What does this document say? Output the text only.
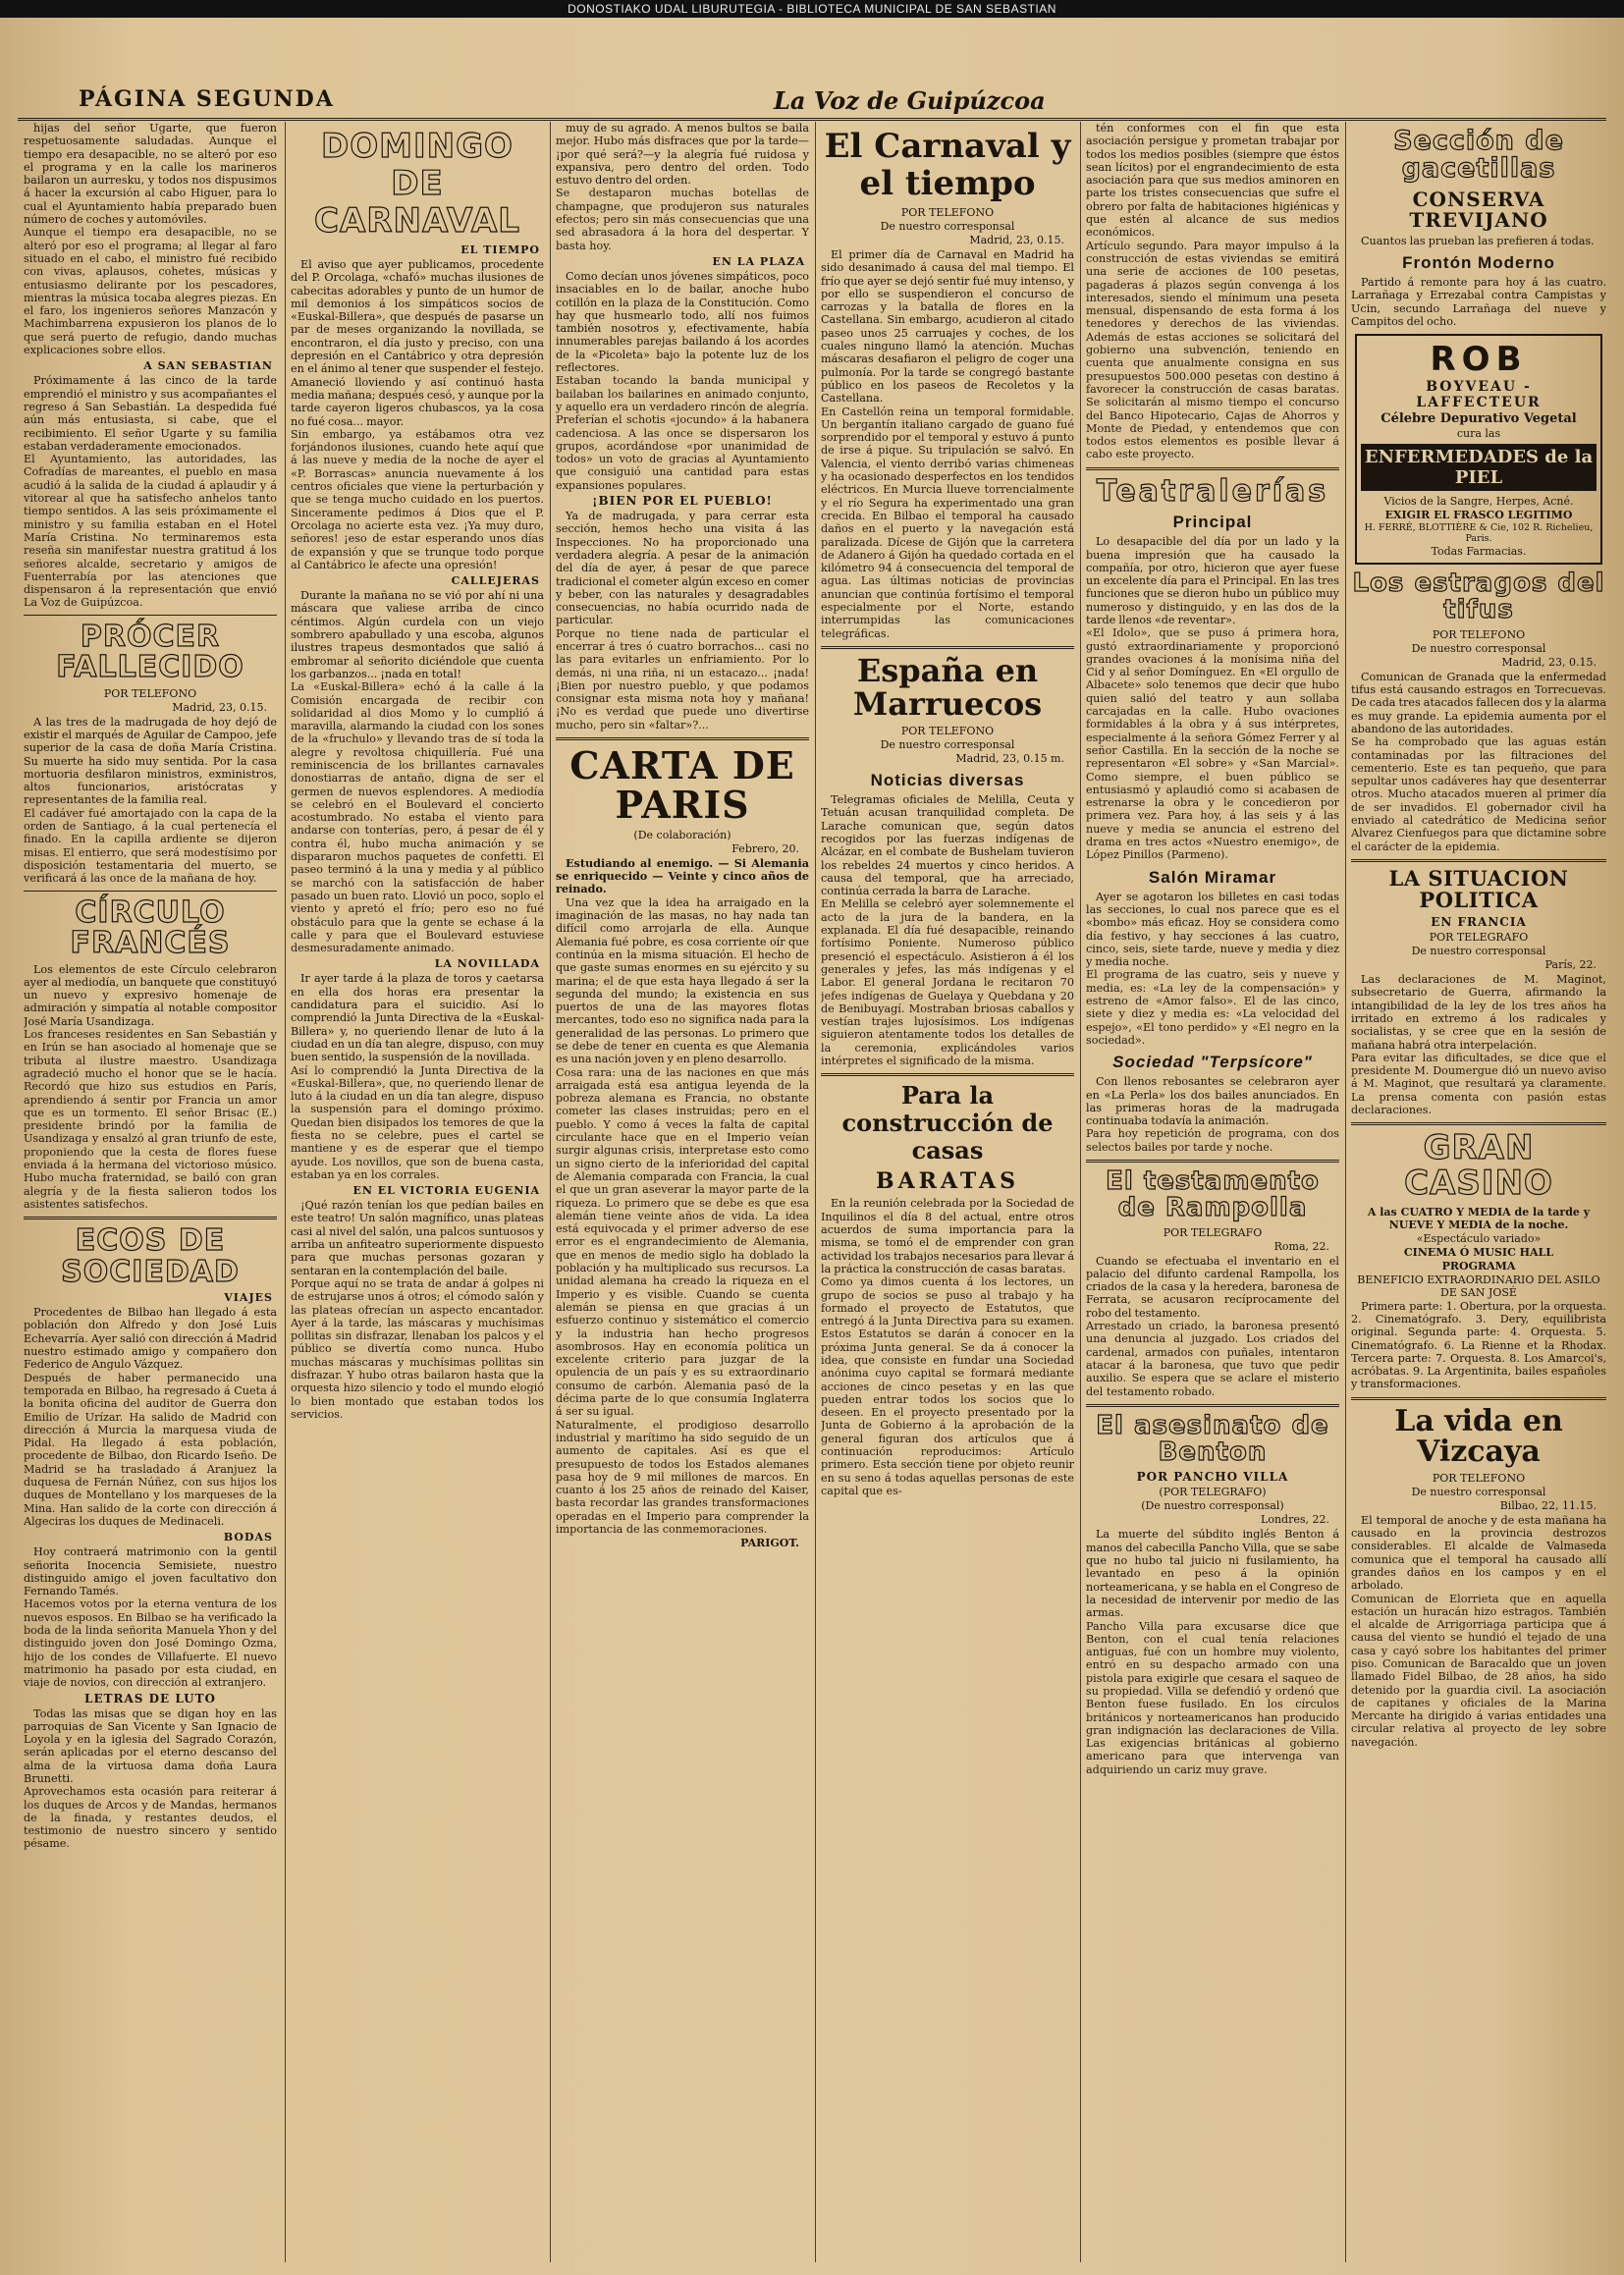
DONOSTIAKO UDAL LIBURUTEGIA - BIBLIOTECA MUNICIPAL DE SAN SEBASTIAN
PÁGINA SEGUNDA	La Voz de Guipúzcoa

hijas del señor Ugarte, que fueron respetuosamente saludadas. Aunque el tiempo era desapacible, no se alteró por eso el programa y en la calle los marineros bailaron un aurresku, y todos nos dispusimos á hacer la excursión al cabo Higuer, para lo cual el Ayuntamiento había preparado buen número de coches y automóviles.

Aunque el tiempo era desapacible, no se alteró por eso el programa; al llegar al faro situado en el cabo, el ministro fué recibido con vivas, aplausos, cohetes, músicas y entusiasmo delirante por los pescadores, mientras la música tocaba alegres piezas. En el faro, los ingenieros señores Manzacón y Machimbarrena expusieron los planos de lo que será puerto de refugio, dando muchas explicaciones sobre ellos.

A SAN SEBASTIAN

Próximamente á las cinco de la tarde emprendió el ministro y sus acompañantes el regreso á San Sebastián. La despedida fué aún más entusiasta, si cabe, que el recibimiento. El señor Ugarte y su familia estaban verdaderamente emocionados.

El Ayuntamiento, las autoridades, las Cofradías de mareantes, el pueblo en masa acudió á la salida de la ciudad á aplaudir y á vitorear al que ha satisfecho anhelos tanto tiempo sentidos. A las seis próximamente el ministro y su familia estaban en el Hotel María Cristina. No terminaremos esta reseña sin manifestar nuestra gratitud á los señores alcalde, secretario y amigos de Fuenterrabía por las atenciones que dispensaron á la representación que envió La Voz de Guipúzcoa.

PRÓCER FALLECIDO
POR TELEFONO
Madrid, 23, 0.15.

A las tres de la madrugada de hoy dejó de existir el marqués de Aguilar de Campoo, jefe superior de la casa de doña María Cristina. Su muerte ha sido muy sentida. Por la casa mortuoria desfilaron ministros, exministros, altos funcionarios, aristócratas y representantes de la familia real.

El cadáver fué amortajado con la capa de la orden de Santiago, á la cual pertenecía el finado. En la capilla ardiente se dijeron misas. El entierro, que será modestísimo por disposición testamentaria del muerto, se verificará á las once de la mañana de hoy.

CÍRCULO FRANCÉS

Los elementos de este Círculo celebraron ayer al mediodía, un banquete que constituyó un nuevo y expresivo homenaje de admiración y simpatía al notable compositor José María Usandizaga.

Los franceses residentes en San Sebastián y en Irún se han asociado al homenaje que se tributa al ilustre maestro. Usandizaga agradeció mucho el honor que se le hacía. Recordó que hizo sus estudios en París, aprendiendo á sentir por Francia un amor que es un tormento. El señor Brisac (E.) presidente brindó por la familia de Usandizaga y ensalzó al gran triunfo de este, proponiendo que la cesta de flores fuese enviada á la hermana del victorioso músico. Hubo mucha fraternidad, se bailó con gran alegría y de la fiesta salieron todos los asistentes satisfechos.

ECOS DE SOCIEDAD
VIAJES

Procedentes de Bilbao han llegado á esta población don Alfredo y don José Luis Echevarría. Ayer salió con dirección á Madrid nuestro estimado amigo y compañero don Federico de Angulo Vázquez.

Después de haber permanecido una temporada en Bilbao, ha regresado á Cueta á la bonita oficina del auditor de Guerra don Emilio de Urízar. Ha salido de Madrid con dirección á Murcia la marquesa viuda de Pidal. Ha llegado á esta población, procedente de Bilbao, don Ricardo Iseño. De Madrid se ha trasladado á Aranjuez la duquesa de Fernán Núñez, con sus hijos los duques de Montellano y los marqueses de la Mina. Han salido de la corte con dirección á Algeciras los duques de Medinaceli.

BODAS

Hoy contraerá matrimonio con la gentil señorita Inocencia Semisiete, nuestro distinguido amigo el joven facultativo don Fernando Tamés.

Hacemos votos por la eterna ventura de los nuevos esposos. En Bilbao se ha verificado la boda de la linda señorita Manuela Yhon y del distinguido joven don José Domingo Ozma, hijo de los condes de Villafuerte. El nuevo matrimonio ha pasado por esta ciudad, en viaje de novios, con dirección al extranjero.

LETRAS DE LUTO

Todas las misas que se digan hoy en las parroquias de San Vicente y San Ignacio de Loyola y en la iglesia del Sagrado Corazón, serán aplicadas por el eterno descanso del alma de la virtuosa dama doña Laura Brunetti.

Aprovechamos esta ocasión para reiterar á los duques de Arcos y de Mandas, hermanos de la finada, y restantes deudos, el testimonio de nuestro sincero y sentido pésame.

DOMINGO DE CARNAVAL
EL TIEMPO

El aviso que ayer publicamos, procedente del P. Orcolaga, «chafó» muchas ilusiones de cabecitas adorables y punto de un humor de mil demonios á los simpáticos socios de «Euskal-Billera», que después de pasarse un par de meses organizando la novillada, se encontraron, el día justo y preciso, con una depresión en el Cantábrico y otra depresión en el ánimo al tener que suspender el festejo. Amaneció lloviendo y así continuó hasta media mañana; después cesó, y aunque por la tarde cayeron ligeros chubascos, ya la cosa no fué cosa... mayor.

Sin embargo, ya estábamos otra vez forjándonos ilusiones, cuando hete aquí que á las nueve y media de la noche de ayer el «P. Borrascas» anuncia nuevamente á los centros oficiales que viene la perturbación y que se tenga mucho cuidado en los puertos. Sinceramente pedimos á Dios que el P. Orcolaga no acierte esta vez. ¡Ya muy duro, señores! ¡eso de estar esperando unos días de expansión y que se trunque todo porque al Cantábrico le afecte una opresión!

CALLEJERAS

Durante la mañana no se vió por ahí ni una máscara que valiese arriba de cinco céntimos. Algún curdela con un viejo sombrero apabullado y una escoba, algunos ilustres trapeus desmontados que salió á embromar al señorito diciéndole que cuenta los garbanzos... ¡nada en total!

La «Euskal-Billera» echó á la calle á la Comisión encargada de recibir con solidaridad al dios Momo y lo cumplió á maravilla, alarmando la ciudad con los sones de la «fruchulo» y llevando tras de sí toda la alegre y revoltosa chiquillería. Fué una reminiscencia de los brillantes carnavales donostiarras de antaño, digna de ser el germen de nuevos esplendores. A mediodía se celebró en el Boulevard el concierto acostumbrado. No estaba el viento para andarse con tonterías, pero, á pesar de él y contra él, hubo mucha animación y se dispararon muchos paquetes de confetti. El paseo terminó á la una y media y al público se marchó con la satisfacción de haber pasado un buen rato. Llovió un poco, soplo el viento y apretó el frío; pero eso no fué obstáculo para que la gente se echase á la calle y para que el Boulevard estuviese desmesuradamente animado.

LA NOVILLADA

Ir ayer tarde á la plaza de toros y caetarsa en ella dos horas era presentar la candidatura para el suicidio. Así lo comprendió la Junta Directiva de la «Euskal-Billera» y, no queriendo llenar de luto á la ciudad en un día tan alegre, dispuso, con muy buen sentido, la suspensión de la novillada.

Así lo comprendió la Junta Directiva de la «Euskal-Billera», que, no queriendo llenar de luto á la ciudad en un día tan alegre, dispuso la suspensión para el domingo próximo. Quedan bien disipados los temores de que la fiesta no se celebre, pues el cartel se mantiene y es de esperar que el tiempo ayude. Los novillos, que son de buena casta, estaban ya en los corrales.

EN EL VICTORIA EUGENIA

¡Qué razón tenían los que pedían bailes en este teatro! Un salón magnífico, unas plateas casi al nivel del salón, una palcos suntuosos y arriba un anfiteatro superiormente dispuesto para que muchas personas gozaran y sentaran en la contemplación del baile.

Porque aquí no se trata de andar á golpes ni de estrujarse unos á otros; el cómodo salón y las plateas ofrecían un aspecto encantador. Ayer á la tarde, las máscaras y muchísimas pollitas sin disfrazar, llenaban los palcos y el público se divertía como nunca. Hubo muchas máscaras y muchísimas pollitas sin disfrazar. Y hubo otras bailaron hasta que la orquesta hizo silencio y todo el mundo elogió lo bien montado que estaban todos los servicios.

muy de su agrado. A menos bultos se baila mejor. Hubo más disfraces que por la tarde—¡por qué será?—y la alegría fué ruidosa y expansiva, pero dentro del orden. Todo estuvo dentro del orden.

Se destaparon muchas botellas de champagne, que produjeron sus naturales efectos; pero sin más consecuencias que una sed abrasadora á la hora del despertar. Y basta hoy.

EN LA PLAZA

Como decían unos jóvenes simpáticos, poco insaciables en lo de bailar, anoche hubo cotillón en la plaza de la Constitución. Como hay que husmearlo todo, allí nos fuimos también nosotros y, efectivamente, había innumerables parejas bailando á los acordes de la «Picoleta» bajo la potente luz de los reflectores.

Estaban tocando la banda municipal y bailaban los bailarines en animado conjunto, y aquello era un verdadero rincón de alegría. Preferían el schotis «jocundo» á la habanera cadenciosa. A las once se dispersaron los grupos, acordándose «por unanimidad de todos» un voto de gracias al Ayuntamiento que consiguió una cantidad para estas expansiones populares.

¡BIEN POR EL PUEBLO!

Ya de madrugada, y para cerrar esta sección, hemos hecho una visita á las Inspecciones. No ha proporcionado una verdadera alegría. A pesar de la animación del día de ayer, á pesar de que parece tradicional el cometer algún exceso en comer y beber, con las naturales y desagradables consecuencias, no había ocurrido nada de particular.

Porque no tiene nada de particular el encerrar á tres ó cuatro borrachos... casi no las para evitarles un enfriamiento. Por lo demás, ni una riña, ni un estacazo... ¡nada! ¡Bien por nuestro pueblo, y que podamos consignar esta misma nota hoy y mañana! ¡No es verdad que puede uno divertirse mucho, pero sin «faltar»?...

CARTA DE PARIS
(De colaboración)
Febrero, 20.

Estudiando al enemigo. — Si Alemania se enriquecido — Veinte y cinco años de reinado.

Una vez que la idea ha arraigado en la imaginación de las masas, no hay nada tan difícil como arrojarla de ella. Aunque Alemania fué pobre, es cosa corriente oír que continúa en la misma situación. El hecho de que gaste sumas enormes en su ejército y su marina; el de que esta haya llegado á ser la segunda del mundo; la existencia en sus puertos de una de las mayores flotas mercantes, todo eso no significa nada para la generalidad de las personas. Lo primero que se debe de tener en cuenta es que Alemania es una nación joven y en pleno desarrollo.

Cosa rara: una de las naciones en que más arraigada está esa antigua leyenda de la pobreza alemana es Francia, no obstante cometer las clases instruidas; pero en el pueblo. Y como á veces la falta de capital circulante hace que en el Imperio veían surgir algunas crisis, interpretase esto como un signo cierto de la inferioridad del capital de Alemania comparada con Francia, la cual el que un gran aseverar la mayor parte de la riqueza. Lo primero que se debe es que esa alemán tiene veinte años de vida. La idea está equivocada y el primer adverso de ese error es el engrandecimiento de Alemania, que en menos de medio siglo ha doblado la población y ha multiplicado sus recursos. La unidad alemana ha creado la riqueza en el Imperio y es visible. Cuando se cuenta alemán se piensa en que gracias á un esfuerzo continuo y sistemático el comercio y la industria han hecho progresos asombrosos. Hay en economía política un excelente criterio para juzgar de la opulencia de un país y es su extraordinario consumo de carbón. Alemania pasó de la décima parte de lo que consumía Inglaterra á ser su igual.

Naturalmente, el prodigioso desarrollo industrial y marítimo ha sido seguido de un aumento de capitales. Así es que el presupuesto de todos los Estados alemanes pasa hoy de 9 mil millones de marcos. En cuanto á los 25 años de reinado del Kaiser, basta recordar las grandes transformaciones operadas en el Imperio para comprender la importancia de las conmemoraciones.

PARIGOT.
El Carnaval y el tiempo
POR TELEFONO
De nuestro corresponsal
Madrid, 23, 0.15.

El primer día de Carnaval en Madrid ha sido desanimado á causa del mal tiempo. El frío que ayer se dejó sentir fué muy intenso, y por ello se suspendieron el concurso de carrozas y la batalla de flores en la Castellana. Sin embargo, acudieron al citado paseo unos 25 carruajes y coches, de los cuales ninguno llamó la atención. Muchas máscaras desafiaron el peligro de coger una pulmonía. Por la tarde se congregó bastante público en los paseos de Recoletos y la Castellana.

En Castellón reina un temporal formidable. Un bergantín italiano cargado de guano fué sorprendido por el temporal y estuvo á punto de irse á pique. Su tripulación se salvó. En Valencia, el viento derribó varias chimeneas y ha ocasionado desperfectos en los tendidos eléctricos. En Murcia llueve torrencialmente y el río Segura ha experimentado una gran crecida. En Bilbao el temporal ha causado daños en el puerto y la navegación está paralizada. Dícese de Gijón que la carretera de Adanero á Gijón ha quedado cortada en el kilómetro 94 á consecuencia del temporal de agua. Las últimas noticias de provincias anuncian que continúa fortísimo el temporal especialmente por el Norte, estando interrumpidas las comunicaciones telegráficas.

España en Marruecos
POR TELEFONO
De nuestro corresponsal
Madrid, 23, 0.15 m.
Noticias diversas

Telegramas oficiales de Melilla, Ceuta y Tetuán acusan tranquilidad completa. De Larache comunican que, según datos recogidos por las fuerzas indígenas de Alcázar, en el combate de Bushelam tuvieron los rebeldes 24 muertos y cinco heridos. A causa del temporal, que ha arreciado, continúa cerrada la barra de Larache.

En Melilla se celebró ayer solemnemente el acto de la jura de la bandera, en la explanada. El día fué desapacible, reinando fortísimo Poniente. Numeroso público presenció el espectáculo. Asistieron á él los generales y jefes, las más indígenas y el Labor. El general Jordana le recitaron 70 jefes indígenas de Guelaya y Quebdana y 20 de Benibuyagí. Mostraban briosas caballos y vestían trajes lujosísimos. Los indígenas siguieron atentamente todos los detalles de la ceremonia, explicándoles varios intérpretes el significado de la misma.

Para la construcción de casas
BARATAS

En la reunión celebrada por la Sociedad de Inquilinos el día 8 del actual, entre otros acuerdos de suma importancia para la misma, se tomó el de emprender con gran actividad los trabajos necesarios para llevar á la práctica la construcción de casas baratas.

Como ya dimos cuenta á los lectores, un grupo de socios se puso al trabajo y ha formado el proyecto de Estatutos, que entregó á la Junta Directiva para su examen. Estos Estatutos se darán á conocer en la próxima Junta general. Se da á conocer la idea, que consiste en fundar una Sociedad anónima cuyo capital se formará mediante acciones de cinco pesetas y en las que pueden entrar todos los socios que lo deseen. En el proyecto presentado por la Junta de Gobierno á la aprobación de la general figuran dos artículos que á continuación reproducimos: Artículo primero. Esta sección tiene por objeto reunir en su seno á todas aquellas personas de este capital que es-

tén conformes con el fin que esta asociación persigue y prometan trabajar por todos los medios posibles (siempre que éstos sean lícitos) por el engrandecimiento de esta asociación para que sus medios aminoren en parte los tristes consecuencias que sufre el obrero por falta de habitaciones higiénicas y que estén al alcance de sus medios económicos.

Artículo segundo. Para mayor impulso á la construcción de estas viviendas se emitirá una serie de acciones de 100 pesetas, pagaderas á plazos según convenga á los interesados, siendo el mínimum una peseta mensual, dispensando de esta forma á los tenedores y derechos de las viviendas. Además de estas acciones se solicitará del gobierno una subvención, teniendo en cuenta que anualmente consigna en sus presupuestos 500.000 pesetas con destino á favorecer la construcción de casas baratas. Se solicitarán al mismo tiempo el concurso del Banco Hipotecario, Cajas de Ahorros y Monte de Piedad, y entendemos que con todos estos elementos es posible llevar á cabo este proyecto.

Teatralerías
Principal

Lo desapacible del día por un lado y la buena impresión que ha causado la compañía, por otro, hicieron que ayer fuese un excelente día para el Principal. En las tres funciones que se dieron hubo un público muy numeroso y distinguido, y en las dos de la tarde llenos «de reventar».

«El Idolo», que se puso á primera hora, gustó extraordinariamente y proporcionó grandes ovaciones á la monísima niña del Cid y al señor Domínguez. En «El orgullo de Albacete» solo tenemos que decir que hubo quien salió del teatro y aun sollaba carcajadas en la calle. Hubo ovaciones formidables á la obra y á sus intérpretes, especialmente á la señora Gómez Ferrer y al señor Castilla. En la sección de la noche se representaron «El sobre» y «San Marcial». Como siempre, el buen público se entusiasmó y aplaudió como si acabasen de estrenarse la obra y le concedieron por primera vez. Para hoy, á las seis y á las nueve y media se anuncia el estreno del drama en tres actos «Nuestro enemigo», de López Pinillos (Parmeno).

Salón Miramar

Ayer se agotaron los billetes en casi todas las secciones, lo cual nos parece que es el «bombo» más eficaz. Hoy se considera como día festivo, y hay secciones á las cuatro, cinco, seis, siete tarde, nueve y media y diez y media noche.

El programa de las cuatro, seis y nueve y media, es: «La ley de la compensación» y estreno de «Amor falso». El de las cinco, siete y diez y media es: «La velocidad del espejo», «El tono perdido» y «El negro en la sociedad».

Sociedad "Terpsícore"

Con llenos rebosantes se celebraron ayer en «La Perla» los dos bailes anunciados. En las primeras horas de la madrugada continuaba todavía la animación.

Para hoy repetición de programa, con dos selectos bailes por tarde y noche.

El testamento de Rampolla
POR TELEGRAFO
Roma, 22.

Cuando se efectuaba el inventario en el palacio del difunto cardenal Rampolla, los criados de la casa y la heredera, baronesa de Ferrata, se acusaron recíprocamente del robo del testamento.

Arrestado un criado, la baronesa presentó una denuncia al juzgado. Los criados del cardenal, armados con puñales, intentaron atacar á la baronesa, que tuvo que pedir auxilio. Se espera que se aclare el misterio del testamento robado.

El asesinato de Benton
POR PANCHO VILLA
(POR TELEGRAFO)
(De nuestro corresponsal)
Londres, 22.

La muerte del súbdito inglés Benton á manos del cabecilla Pancho Villa, que se sabe que no hubo tal juicio ni fusilamiento, ha levantado en peso á la opinión norteamericana, y se habla en el Congreso de la necesidad de intervenir por medio de las armas.

Pancho Villa para excusarse dice que Benton, con el cual tenía relaciones antiguas, fué con un hombre muy violento, entró en su despacho armado con una pistola para exigirle que cesara el saqueo de su propiedad. Villa se defendió y ordenó que Benton fuese fusilado. En los círculos británicos y norteamericanos han producido gran indignación las declaraciones de Villa. Las exigencias británicas al gobierno americano para que intervenga van adquiriendo un cariz muy grave.

Sección de gacetillas
CONSERVA TREVIJANO

Cuantos las prueban las prefieren á todas.

Frontón Moderno

Partido á remonte para hoy á las cuatro. Larrañaga y Errezabal contra Campistas y Ucin, secundo Larrañaga del nueve y Campitos del ocho.

ROB
BOYVEAU - LAFFECTEUR
Célebre Depurativo Vegetal
cura las
ENFERMEDADES de la PIEL
Vicios de la Sangre, Herpes, Acné.
EXIGIR EL FRASCO LEGITIMO
H. FERRÉ, BLOTTIÈRE & Cie, 102 R. Richelieu, Paris.
Todas Farmacias.
Los estragos del tifus
POR TELEFONO
De nuestro corresponsal
Madrid, 23, 0.15.

Comunican de Granada que la enfermedad tifus está causando estragos en Torrecuevas. De cada tres atacados fallecen dos y la alarma es muy grande. La epidemia aumenta por el abandono de las autoridades.

Se ha comprobado que las aguas están contaminadas por las filtraciones del cementerio. Este es tan pequeño, que para sepultar unos cadáveres hay que desenterrar otros. Mucho atacados mueren al primer día de ser invadidos. El gobernador civil ha enviado al catedrático de Medicina señor Alvarez Cienfuegos para que dictamine sobre el carácter de la epidemia.

LA SITUACION POLITICA
EN FRANCIA
POR TELEGRAFO
De nuestro corresponsal
París, 22.

Las declaraciones de M. Maginot, subsecretario de Guerra, afirmando la intangibilidad de la ley de los tres años ha irritado en extremo á los radicales y socialistas, y se cree que en la sesión de mañana habrá otra interpelación.

Para evitar las dificultades, se dice que el presidente M. Doumergue dió un nuevo aviso á M. Maginot, que resultará ya claramente. La prensa comenta con pasión estas declaraciones.

GRAN CASINO
A las CUATRO Y MEDIA de la tarde y NUEVE Y MEDIA de la noche.
«Espectáculo variado»
CINEMA Ó MUSIC HALL
PROGRAMA
BENEFICIO EXTRAORDINARIO DEL ASILO DE SAN JOSÉ

Primera parte: 1. Obertura, por la orquesta. 2. Cinematógrafo. 3. Dery, equilibrista original. Segunda parte: 4. Orquesta. 5. Cinematógrafo. 6. La Rienne et la Rhodax. Tercera parte: 7. Orquesta. 8. Los Amarcoi's, acróbatas. 9. La Argentinita, bailes españoles y transformaciones.

La vida en Vizcaya
POR TELEFONO
De nuestro corresponsal
Bilbao, 22, 11.15.

El temporal de anoche y de esta mañana ha causado en la provincia destrozos considerables. El alcalde de Valmaseda comunica que el temporal ha causado allí grandes daños en los campos y en el arbolado.

Comunican de Elorrieta que en aquella estación un huracán hizo estragos. También el alcalde de Arrigorriaga participa que á causa del viento se hundió el tejado de una casa y cayó sobre los habitantes del primer piso. Comunican de Baracaldo que un joven llamado Fidel Bilbao, de 28 años, ha sido detenido por la guardia civil. La asociación de capitanes y oficiales de la Marina Mercante ha dirigido á varias entidades una circular relativa al proyecto de ley sobre navegación.
